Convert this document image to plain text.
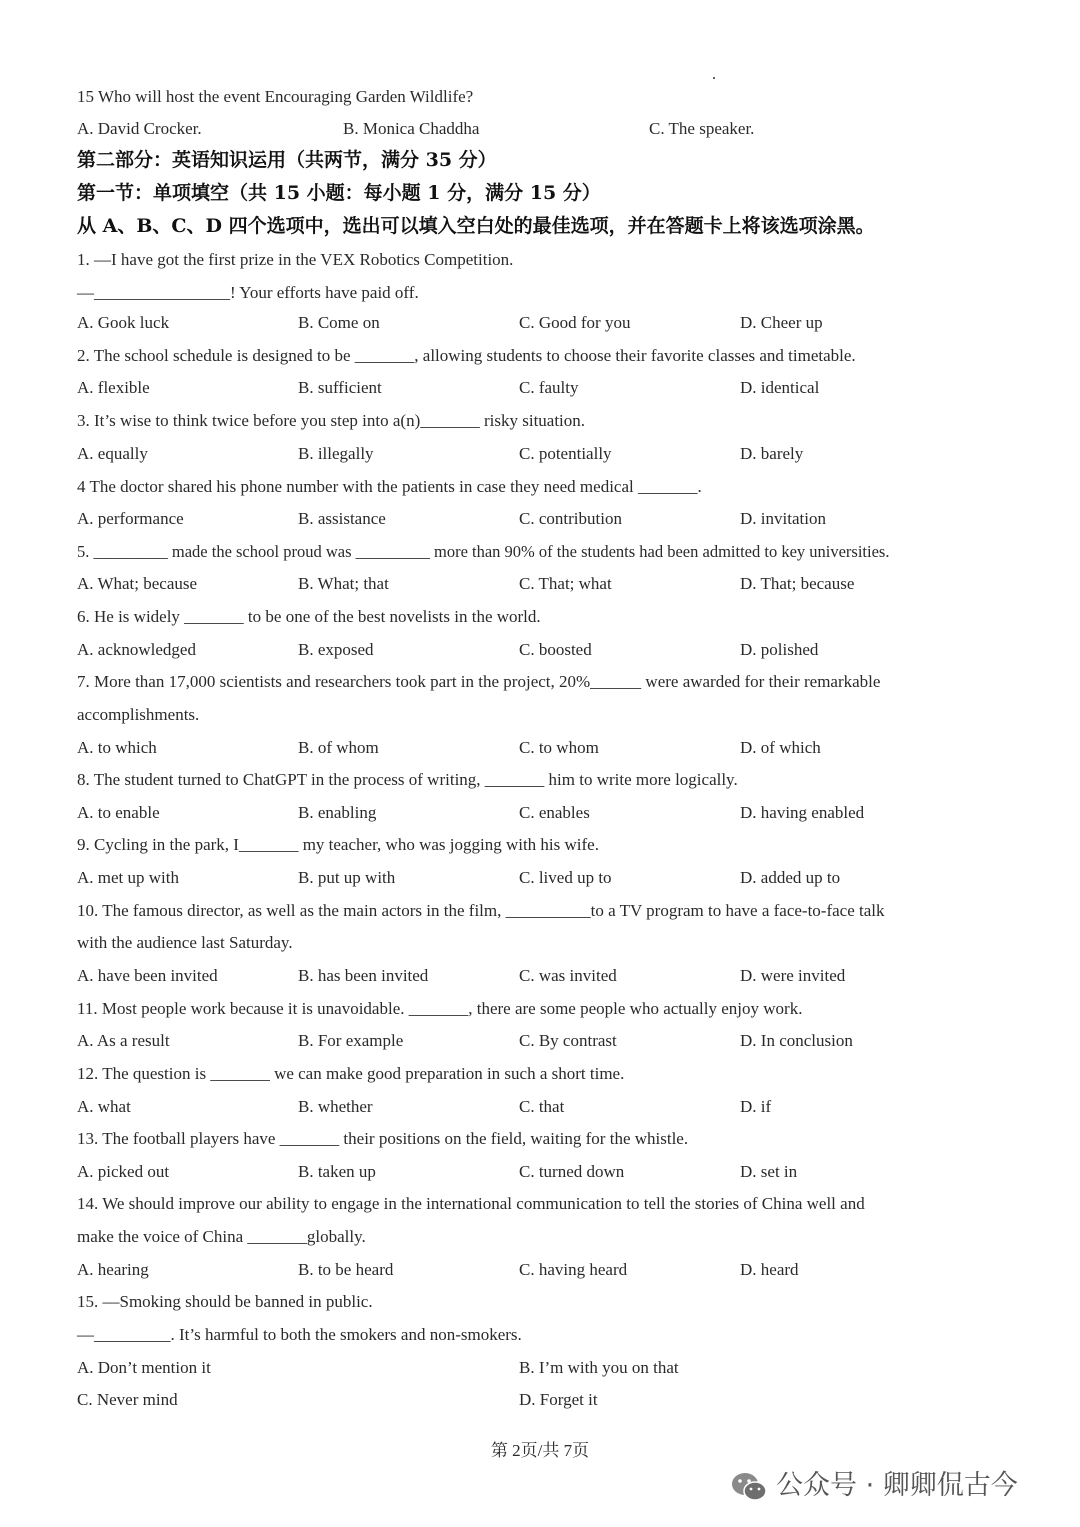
15 Who will host the event Encouraging Garden Wildlife?
A. David Crocker.	B. Monica Chaddha	C. The speaker.
第二部分：英语知识运用（共两节，满分 35 分）
第一节：单项填空（共 15 小题：每小题 1 分，满分 15 分）
从 A、B、C、D 四个选项中，选出可以填入空白处的最佳选项，并在答题卡上将该选项涂黑。
1. —I have got the first prize in the VEX Robotics Competition.
—________________! Your efforts have paid off.
A. Gook luck	B. Come on	C. Good for you	D. Cheer up
2. The school schedule is designed to be _______, allowing students to choose their favorite classes and timetable.
A. flexible	B. sufficient	C. faulty	D. identical
3. It’s wise to think twice before you step into a(n)_______ risky situation.
A. equally	B. illegally	C. potentially	D. barely
4 The doctor shared his phone number with the patients in case they need medical _______.
A. performance	B. assistance	C. contribution	D. invitation
5. _________ made the school proud was _________ more than 90% of the students had been admitted to key universities.
A. What; because	B. What; that	C. That; what	D. That; because
6. He is widely _______ to be one of the best novelists in the world.
A. acknowledged	B. exposed	C. boosted	D. polished
7. More than 17,000 scientists and researchers took part in the project, 20%______ were awarded for their remarkable
accomplishments.
A. to which	B. of whom	C. to whom	D. of which
8. The student turned to ChatGPT in the process of writing, _______ him to write more logically.
A. to enable	B. enabling	C. enables	D. having enabled
9. Cycling in the park, I_______ my teacher, who was jogging with his wife.
A. met up with	B. put up with	C. lived up to	D. added up to
10. The famous director, as well as the main actors in the film, __________to a TV program to have a face-to-face talk
with the audience last Saturday.
A. have been invited	B. has been invited	C. was invited	D. were invited
11. Most people work because it is unavoidable. _______, there are some people who actually enjoy work.
A. As a result	B. For example	C. By contrast	D. In conclusion
12. The question is _______ we can make good preparation in such a short time.
A. what	B. whether	C. that	D. if
13. The football players have _______ their positions on the field, waiting for the whistle.
A. picked out	B. taken up	C. turned down	D. set in
14. We should improve our ability to engage in the international communication to tell the stories of China well and
make the voice of China _______globally.
A. hearing	B. to be heard	C. having heard	D. heard
15. —Smoking should be banned in public.
—_________. It’s harmful to both the smokers and non-smokers.
A. Don’t mention it	B. I’m with you on that
C. Never mind	D. Forget it
第 2页/共 7页
公众号 · 卿卿侃古今
